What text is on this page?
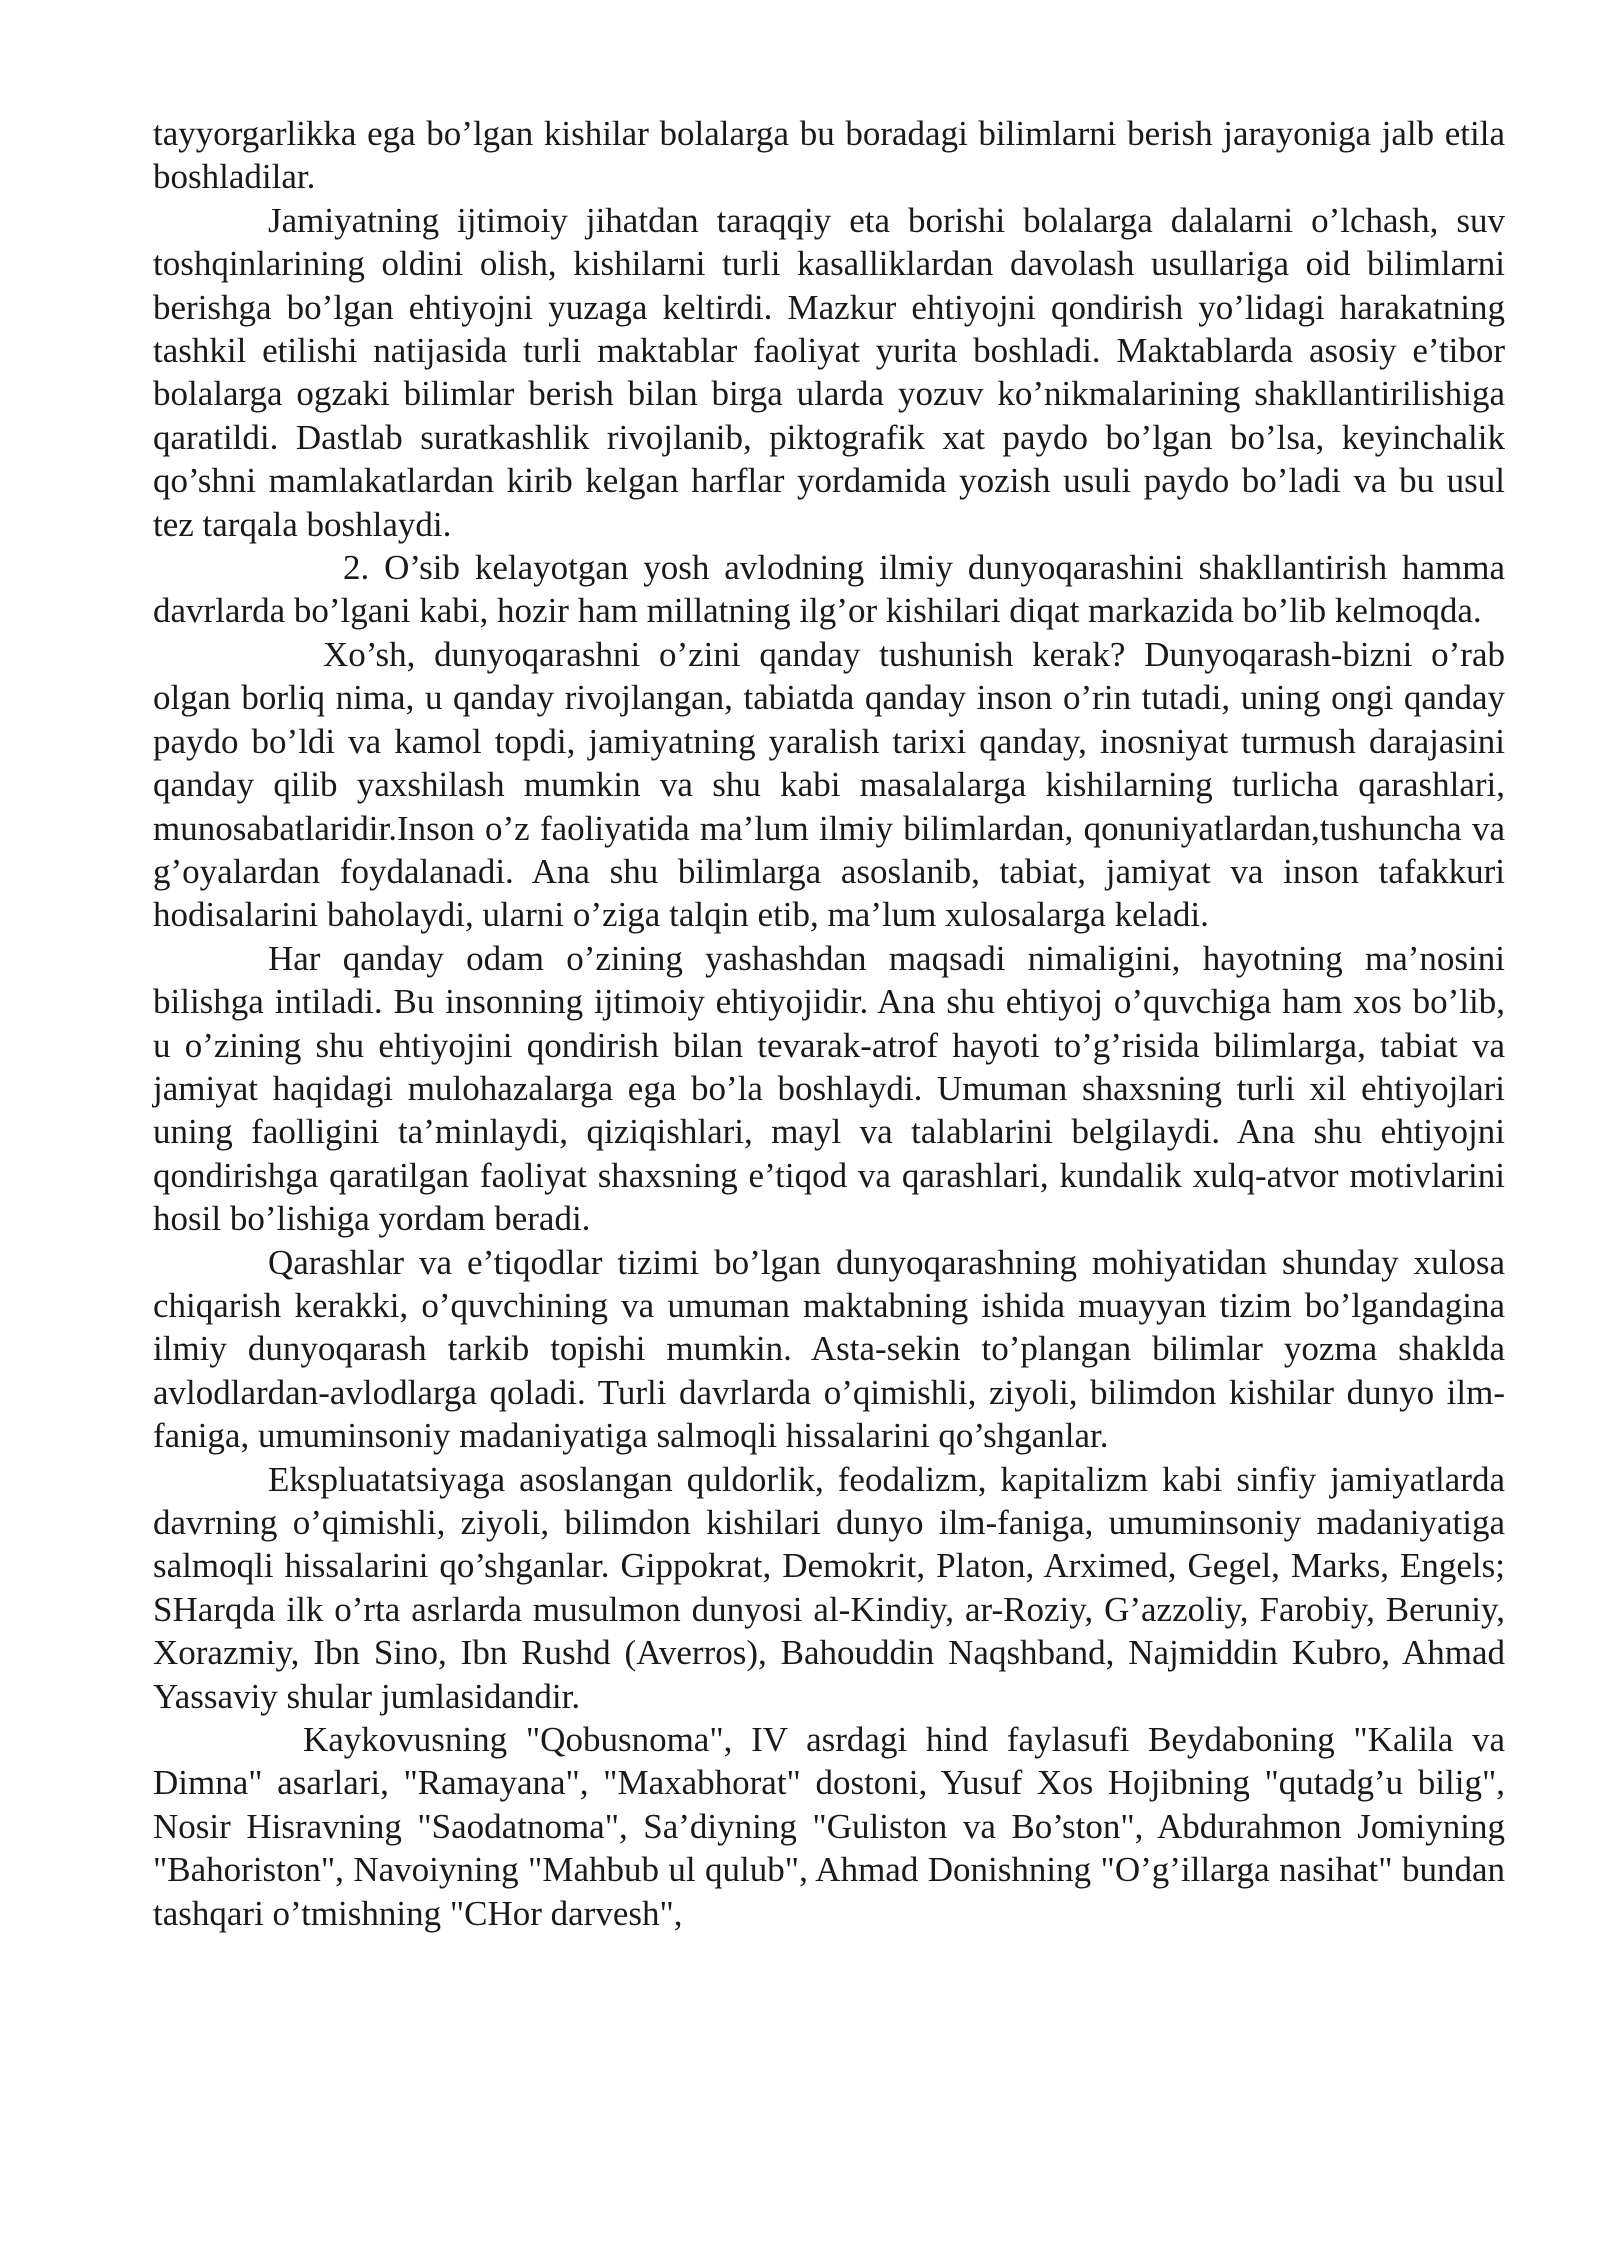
tayyorgarlikka ega bo’lgan kishilar bolalarga bu boradagi bilimlarni berish jarayoniga jalb etila boshladilar.

Jamiyatning ijtimoiy jihatdan taraqqiy eta borishi bolalarga dalalarni o’lchash, suv toshqinlarining oldini olish, kishilarni turli kasalliklardan davolash usullariga oid bilimlarni berishga bo’lgan ehtiyojni yuzaga keltirdi. Mazkur ehtiyojni qondirish yo’lidagi harakatning tashkil etilishi natijasida turli maktablar faoliyat yurita boshladi. Maktablarda asosiy e’tibor bolalarga ogzaki bilimlar berish bilan birga ularda yozuv ko’nikmalarining shakllantirilishiga qaratildi. Dastlab suratkashlik rivojlanib, piktografik xat paydo bo’lgan bo’lsa, keyinchalik qo’shni mamlakatlardan kirib kelgan harflar yordamida yozish usuli paydo bo’ladi va bu usul tez tarqala boshlaydi.

2. O’sib kelayotgan yosh avlodning ilmiy dunyoqarashini shakllantirish hamma davrlarda bo’lgani kabi, hozir ham millatning ilg’or kishilari diqat markazida bo’lib kelmoqda.

Xo’sh, dunyoqarashni o’zini qanday tushunish kerak? Dunyoqarash-bizni o’rab olgan borliq nima, u qanday rivojlangan, tabiatda qanday inson o’rin tutadi, uning ongi qanday paydo bo’ldi va kamol topdi, jamiyatning yaralish tarixi qanday, inosniyat turmush darajasini qanday qilib yaxshilash mumkin va shu kabi masalalarga kishilarning turlicha qarashlari, munosabatlaridir.Inson o’z faoliyatida ma’lum ilmiy bilimlardan, qonuniyatlardan,tushuncha va g’oyalardan foydalanadi. Ana shu bilimlarga asoslanib, tabiat, jamiyat va inson tafakkuri hodisalarini baholaydi, ularni o’ziga talqin etib, ma’lum xulosalarga keladi.

Har qanday odam o’zining yashashdan maqsadi nimaligini, hayotning ma’nosini bilishga intiladi. Bu insonning ijtimoiy ehtiyojidir. Ana shu ehtiyoj o’quvchiga ham xos bo’lib, u o’zining shu ehtiyojini qondirish bilan tevarak-atrof hayoti to’g’risida bilimlarga, tabiat va jamiyat haqidagi mulohazalarga ega bo’la boshlaydi. Umuman shaxsning turli xil ehtiyojlari uning faolligini ta’minlaydi, qiziqishlari, mayl va talablarini belgilaydi. Ana shu ehtiyojni qondirishga qaratilgan faoliyat shaxsning e’tiqod va qarashlari, kundalik xulq-atvor motivlarini hosil bo’lishiga yordam beradi.

Qarashlar va e’tiqodlar tizimi bo’lgan dunyoqarashning mohiyatidan shunday xulosa chiqarish kerakki, o’quvchining va umuman maktabning ishida muayyan tizim bo’lgandagina ilmiy dunyoqarash tarkib topishi mumkin. Asta-sekin to’plangan bilimlar yozma shaklda avlodlardan-avlodlarga qoladi. Turli davrlarda o’qimishli, ziyoli, bilimdon kishilar dunyo ilm-faniga, umuminsoniy madaniyatiga salmoqli hissalarini qo’shganlar.

Ekspluatatsiyaga asoslangan quldorlik, feodalizm, kapitalizm kabi sinfiy jamiyatlarda davrning o’qimishli, ziyoli, bilimdon kishilari dunyo ilm-faniga, umuminsoniy madaniyatiga salmoqli hissalarini qo’shganlar. Gippokrat, Demokrit, Platon, Arximed, Gegel, Marks, Engels; SHarqda ilk o’rta asrlarda musulmon dunyosi al-Kindiy, ar-Roziy, G’azzoliy, Farobiy, Beruniy, Xorazmiy, Ibn Sino, Ibn Rushd (Averros), Bahouddin Naqshband, Najmiddin Kubro, Ahmad Yassaviy shular jumlasidandir.

Kaykovusning "Qobusnoma", IV asrdagi hind faylasufi Beydaboning "Kalila va Dimna" asarlari, "Ramayana", "Maxabhorat" dostoni, Yusuf Xos Hojibning "qutadg’u bilig", Nosir Hisravning "Saodatnoma", Sa’diyning "Guliston va Bo’ston", Abdurahmon Jomiyning "Bahoriston", Navoiyning "Mahbub ul qulub", Ahmad Donishning "O’g’illarga nasihat" bundan tashqari o’tmishning "CHor darvesh",
